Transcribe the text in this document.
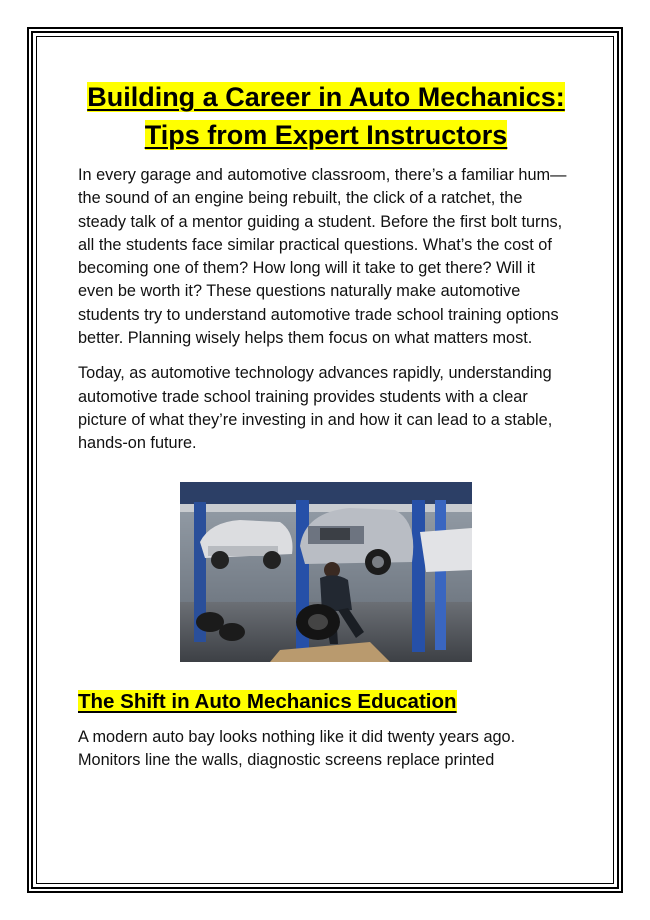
Building a Career in Auto Mechanics: Tips from Expert Instructors

In every garage and automotive classroom, there’s a familiar hum—the sound of an engine being rebuilt, the click of a ratchet, the steady talk of a mentor guiding a student. Before the first bolt turns, all the students face similar practical questions. What’s the cost of becoming one of them? How long will it take to get there? Will it even be worth it? These questions naturally make automotive students try to understand automotive trade school training options better. Planning wisely helps them focus on what matters most.

Today, as automotive technology advances rapidly, understanding automotive trade school training provides students with a clear picture of what they’re investing in and how it can lead to a stable, hands-on future.

The Shift in Auto Mechanics Education

A modern auto bay looks nothing like it did twenty years ago. Monitors line the walls, diagnostic screens replace printed
